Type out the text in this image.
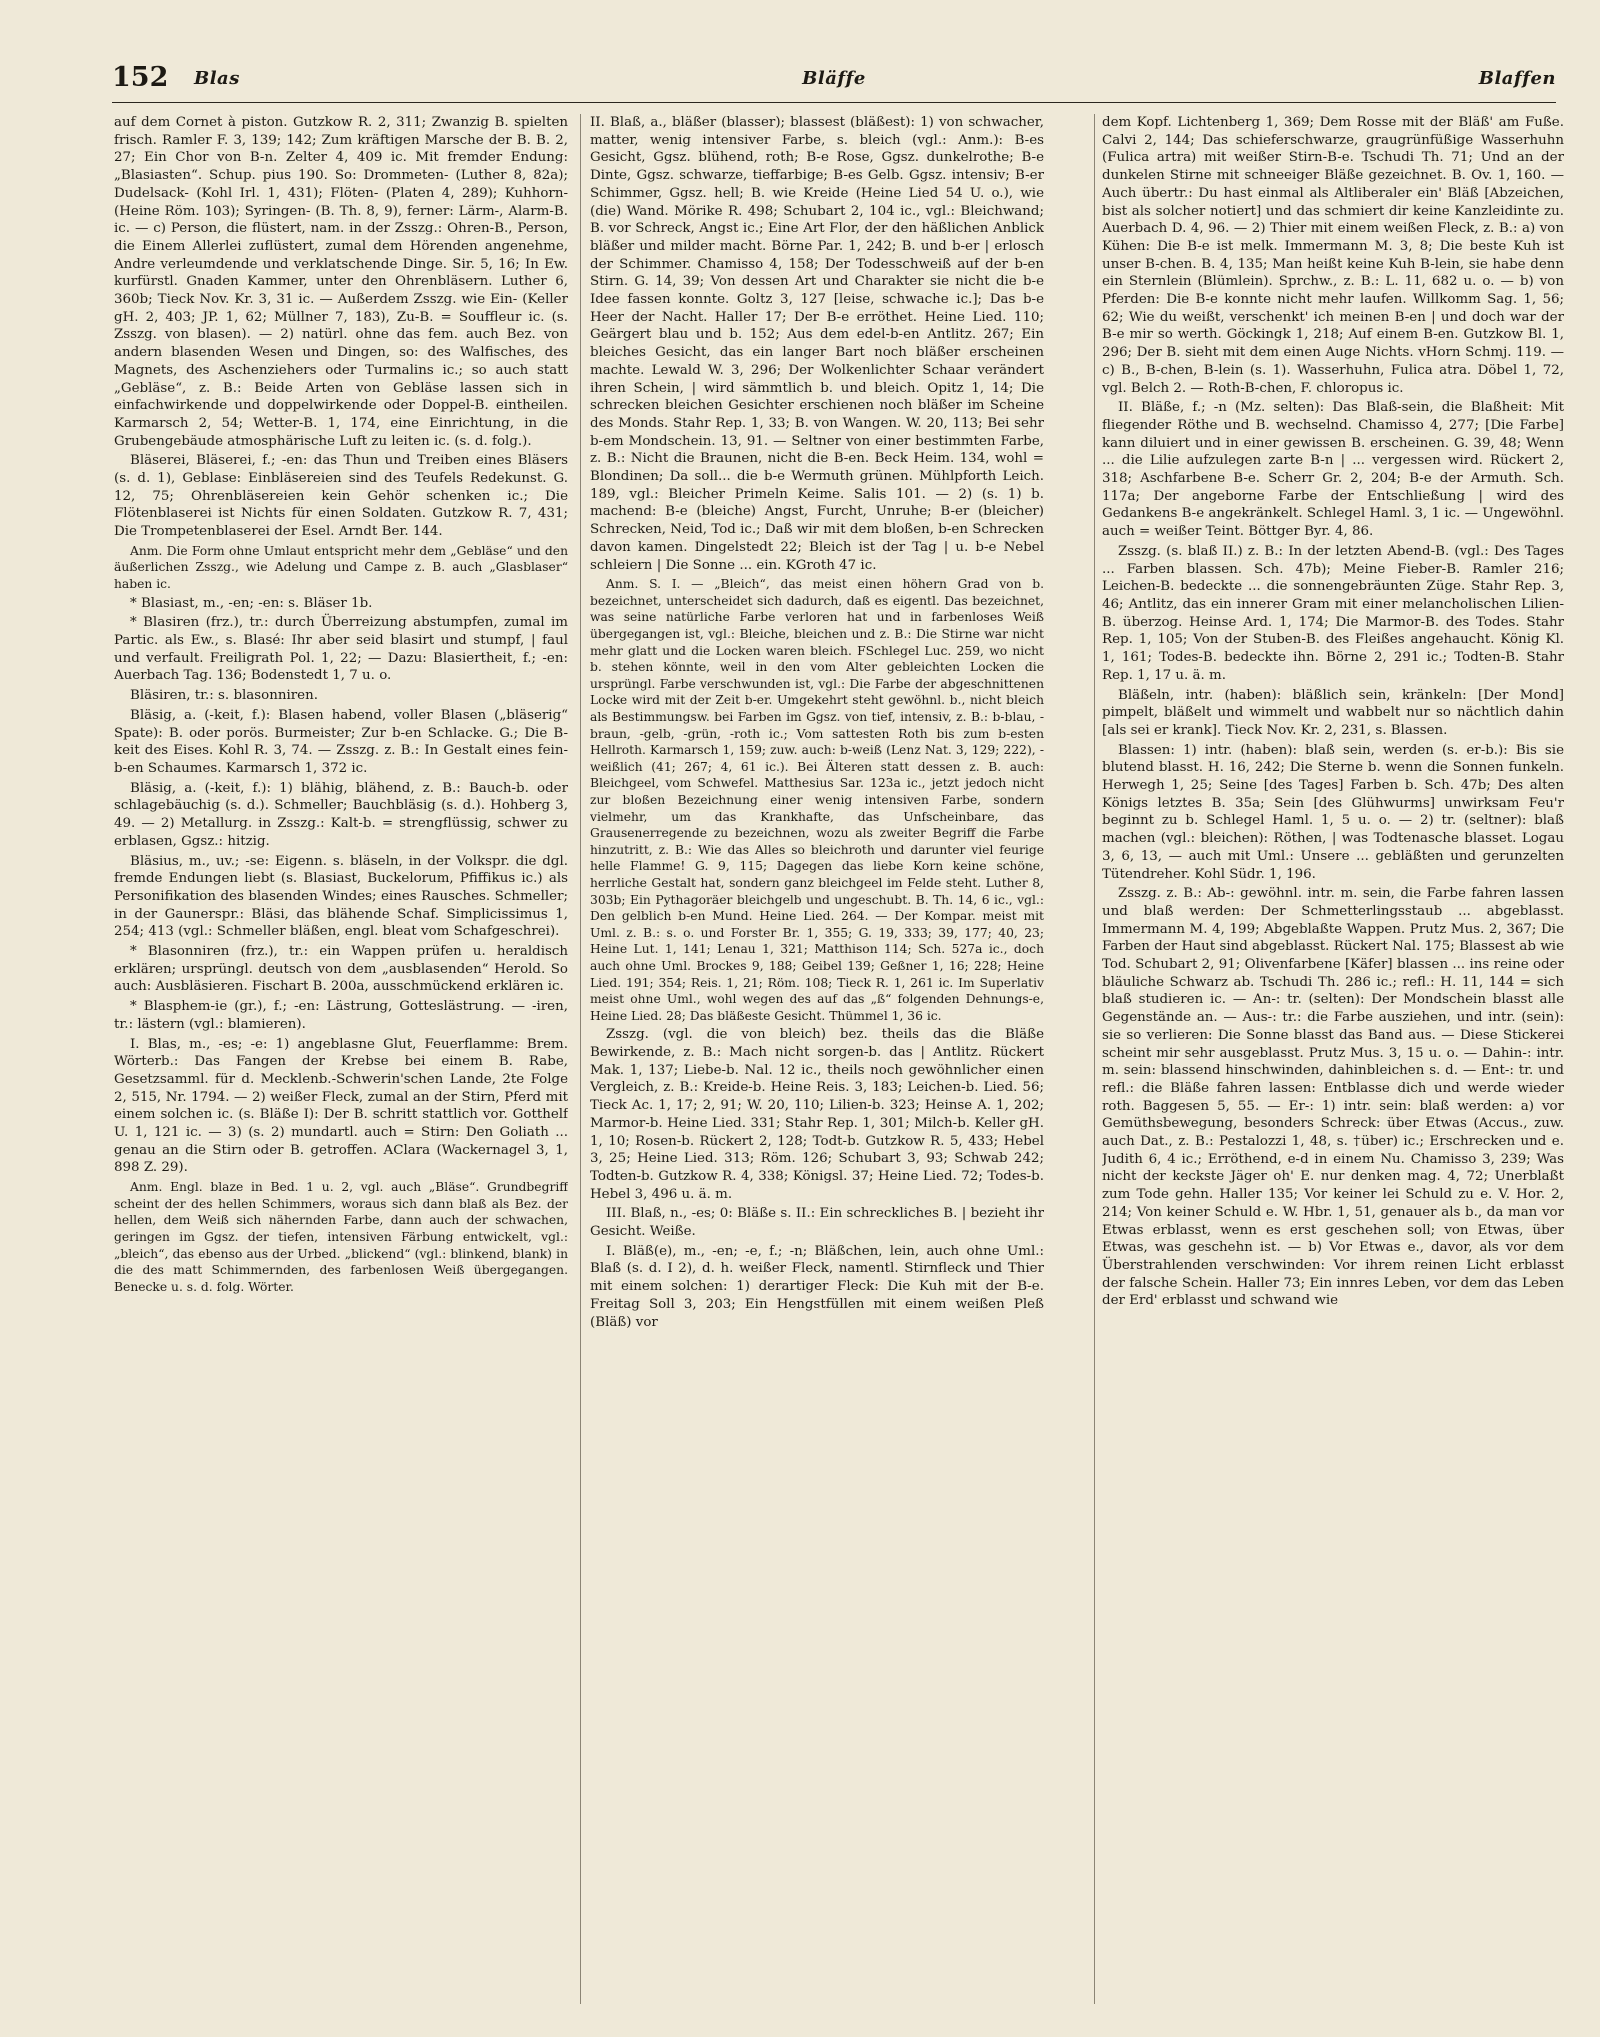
152 Blas	Bläffe	Blaffen

auf dem Cornet à piston. Gutzkow R. 2, 311; Zwanzig B. spielten frisch. Ramler F. 3, 139; 142; Zum kräftigen Marsche der B. B. 2, 27; Ein Chor von B-n. Zelter 4, 409 ic. Mit fremder Endung: „Blasiasten“. Schup. pius 190. So: Drommeten- (Luther 8, 82a); Dudelsack- (Kohl Irl. 1, 431); Flöten- (Platen 4, 289); Kuhhorn- (Heine Röm. 103); Syringen- (B. Th. 8, 9), ferner: Lärm-, Alarm-B. ic. — c) Person, die flüstert, nam. in der Zsszg.: Ohren-B., Person, die Einem Allerlei zuflüstert, zumal dem Hörenden angenehme, Andre verleumdende und verklatschende Dinge. Sir. 5, 16; In Ew. kurfürstl. Gnaden Kammer, unter den Ohrenbläsern. Luther 6, 360b; Tieck Nov. Kr. 3, 31 ic. — Außerdem Zsszg. wie Ein- (Keller gH. 2, 403; JP. 1, 62; Müllner 7, 183), Zu-B. = Souffleur ic. (s. Zsszg. von blasen). — 2) natürl. ohne das fem. auch Bez. von andern blasenden Wesen und Dingen, so: des Walfisches, des Magnets, des Aschenziehers oder Turmalins ic.; so auch statt „Gebläse“, z. B.: Beide Arten von Gebläse lassen sich in einfachwirkende und doppelwirkende oder Doppel-B. eintheilen. Karmarsch 2, 54; Wetter-B. 1, 174, eine Einrichtung, in die Grubengebäude atmosphärische Luft zu leiten ic. (s. d. folg.).

Bläserei, Bläserei, f.; -en: das Thun und Treiben eines Bläsers (s. d. 1), Geblase: Einbläsereien sind des Teufels Redekunst. G. 12, 75; Ohrenbläsereien kein Gehör schenken ic.; Die Flötenblaserei ist Nichts für einen Soldaten. Gutzkow R. 7, 431; Die Trompetenblaserei der Esel. Arndt Ber. 144.

Anm. Die Form ohne Umlaut entspricht mehr dem „Gebläse“ und den äußerlichen Zsszg., wie Adelung und Campe z. B. auch „Glasblaser“ haben ic.

* Blasiast, m., -en; -en: s. Bläser 1b.

* Blasiren (frz.), tr.: durch Überreizung abstumpfen, zumal im Partic. als Ew., s. Blasé: Ihr aber seid blasirt und stumpf, | faul und verfault. Freiligrath Pol. 1, 22; — Dazu: Blasiertheit, f.; -en: Auerbach Tag. 136; Bodenstedt 1, 7 u. o.

Bläsiren, tr.: s. blasonniren.

Bläsig, a. (-keit, f.): Blasen habend, voller Blasen („bläserig“ Spate): B. oder porös. Burmeister; Zur b-en Schlacke. G.; Die B-keit des Eises. Kohl R. 3, 74. — Zsszg. z. B.: In Gestalt eines fein-b-en Schaumes. Karmarsch 1, 372 ic.

Bläsig, a. (-keit, f.): 1) blähig, blähend, z. B.: Bauch-b. oder schlagebäuchig (s. d.). Schmeller; Bauchbläsig (s. d.). Hohberg 3, 49. — 2) Metallurg. in Zsszg.: Kalt-b. = strengflüssig, schwer zu erblasen, Ggsz.: hitzig.

Bläsius, m., uv.; -se: Eigenn. s. bläseln, in der Volkspr. die dgl. fremde Endungen liebt (s. Blasiast, Buckelorum, Pfiffikus ic.) als Personifikation des blasenden Windes; eines Rausches. Schmeller; in der Gaunerspr.: Bläsi, das blähende Schaf. Simplicissimus 1, 254; 413 (vgl.: Schmeller bläßen, engl. bleat vom Schafgeschrei).

* Blasonniren (frz.), tr.: ein Wappen prüfen u. heraldisch erklären; ursprüngl. deutsch von dem „ausblasenden“ Herold. So auch: Ausbläsieren. Fischart B. 200a, ausschmückend erklären ic.

* Blasphem-ie (gr.), f.; -en: Lästrung, Gotteslästrung. — -iren, tr.: lästern (vgl.: blamieren).

I. Blas, m., -es; -e: 1) angeblasne Glut, Feuerflamme: Brem. Wörterb.: Das Fangen der Krebse bei einem B. Rabe, Gesetzsamml. für d. Mecklenb.-Schwerin'schen Lande, 2te Folge 2, 515, Nr. 1794. — 2) weißer Fleck, zumal an der Stirn, Pferd mit einem solchen ic. (s. Bläße I): Der B. schritt stattlich vor. Gotthelf U. 1, 121 ic. — 3) (s. 2) mundartl. auch = Stirn: Den Goliath ... genau an die Stirn oder B. getroffen. AClara (Wackernagel 3, 1, 898 Z. 29).

Anm. Engl. blaze in Bed. 1 u. 2, vgl. auch „Bläse“. Grundbegriff scheint der des hellen Schimmers, woraus sich dann blaß als Bez. der hellen, dem Weiß sich nähernden Farbe, dann auch der schwachen, geringen im Ggsz. der tiefen, intensiven Färbung entwickelt, vgl.: „bleich“, das ebenso aus der Urbed. „blickend“ (vgl.: blinkend, blank) in die des matt Schimmernden, des farbenlosen Weiß übergegangen. Benecke u. s. d. folg. Wörter.

II. Blaß, a., bläßer (blasser); blassest (bläßest): 1) von schwacher, matter, wenig intensiver Farbe, s. bleich (vgl.: Anm.): B-es Gesicht, Ggsz. blühend, roth; B-e Rose, Ggsz. dunkelrothe; B-e Dinte, Ggsz. schwarze, tieffarbige; B-es Gelb. Ggsz. intensiv; B-er Schimmer, Ggsz. hell; B. wie Kreide (Heine Lied 54 U. o.), wie (die) Wand. Mörike R. 498; Schubart 2, 104 ic., vgl.: Bleichwand; B. vor Schreck, Angst ic.; Eine Art Flor, der den häßlichen Anblick bläßer und milder macht. Börne Par. 1, 242; B. und b-er | erlosch der Schimmer. Chamisso 4, 158; Der Todesschweiß auf der b-en Stirn. G. 14, 39; Von dessen Art und Charakter sie nicht die b-e Idee fassen konnte. Goltz 3, 127 [leise, schwache ic.]; Das b-e Heer der Nacht. Haller 17; Der B-e erröthet. Heine Lied. 110; Geärgert blau und b. 152; Aus dem edel-b-en Antlitz. 267; Ein bleiches Gesicht, das ein langer Bart noch bläßer erscheinen machte. Lewald W. 3, 296; Der Wolkenlichter Schaar verändert ihren Schein, | wird sämmtlich b. und bleich. Opitz 1, 14; Die schrecken bleichen Gesichter erschienen noch bläßer im Scheine des Monds. Stahr Rep. 1, 33; B. von Wangen. W. 20, 113; Bei sehr b-em Mondschein. 13, 91. — Seltner von einer bestimmten Farbe, z. B.: Nicht die Braunen, nicht die B-en. Beck Heim. 134, wohl = Blondinen; Da soll... die b-e Wermuth grünen. Mühlpforth Leich. 189, vgl.: Bleicher Primeln Keime. Salis 101. — 2) (s. 1) b. machend: B-e (bleiche) Angst, Furcht, Unruhe; B-er (bleicher) Schrecken, Neid, Tod ic.; Daß wir mit dem bloßen, b-en Schrecken davon kamen. Dingelstedt 22; Bleich ist der Tag | u. b-e Nebel schleiern | Die Sonne ... ein. KGroth 47 ic.

Anm. S. I. — „Bleich“, das meist einen höhern Grad von b. bezeichnet, unterscheidet sich dadurch, daß es eigentl. Das bezeichnet, was seine natürliche Farbe verloren hat und in farbenloses Weiß übergegangen ist, vgl.: Bleiche, bleichen und z. B.: Die Stirne war nicht mehr glatt und die Locken waren bleich. FSchlegel Luc. 259, wo nicht b. stehen könnte, weil in den vom Alter gebleichten Locken die ursprüngl. Farbe verschwunden ist, vgl.: Die Farbe der abgeschnittenen Locke wird mit der Zeit b-er. Umgekehrt steht gewöhnl. b., nicht bleich als Bestimmungsw. bei Farben im Ggsz. von tief, intensiv, z. B.: b-blau, -braun, -gelb, -grün, -roth ic.; Vom sattesten Roth bis zum b-esten Hellroth. Karmarsch 1, 159; zuw. auch: b-weiß (Lenz Nat. 3, 129; 222), -weißlich (41; 267; 4, 61 ic.). Bei Älteren statt dessen z. B. auch: Bleichgeel, vom Schwefel. Matthesius Sar. 123a ic., jetzt jedoch nicht zur bloßen Bezeichnung einer wenig intensiven Farbe, sondern vielmehr, um das Krankhafte, das Unfscheinbare, das Grausenerregende zu bezeichnen, wozu als zweiter Begriff die Farbe hinzutritt, z. B.: Wie das Alles so bleichroth und darunter viel feurige helle Flamme! G. 9, 115; Dagegen das liebe Korn keine schöne, herrliche Gestalt hat, sondern ganz bleichgeel im Felde steht. Luther 8, 303b; Ein Pythagoräer bleichgelb und ungeschubt. B. Th. 14, 6 ic., vgl.: Den gelblich b-en Mund. Heine Lied. 264. — Der Kompar. meist mit Uml. z. B.: s. o. und Forster Br. 1, 355; G. 19, 333; 39, 177; 40, 23; Heine Lut. 1, 141; Lenau 1, 321; Matthison 114; Sch. 527a ic., doch auch ohne Uml. Brockes 9, 188; Geibel 139; Geßner 1, 16; 228; Heine Lied. 191; 354; Reis. 1, 21; Röm. 108; Tieck R. 1, 261 ic. Im Superlativ meist ohne Uml., wohl wegen des auf das „ß“ folgenden Dehnungs-e, Heine Lied. 28; Das bläßeste Gesicht. Thümmel 1, 36 ic.

Zsszg. (vgl. die von bleich) bez. theils das die Bläße Bewirkende, z. B.: Mach nicht sorgen-b. das | Antlitz. Rückert Mak. 1, 137; Liebe-b. Nal. 12 ic., theils noch gewöhnlicher einen Vergleich, z. B.: Kreide-b. Heine Reis. 3, 183; Leichen-b. Lied. 56; Tieck Ac. 1, 17; 2, 91; W. 20, 110; Lilien-b. 323; Heinse A. 1, 202; Marmor-b. Heine Lied. 331; Stahr Rep. 1, 301; Milch-b. Keller gH. 1, 10; Rosen-b. Rückert 2, 128; Todt-b. Gutzkow R. 5, 433; Hebel 3, 25; Heine Lied. 313; Röm. 126; Schubart 3, 93; Schwab 242; Todten-b. Gutzkow R. 4, 338; Königsl. 37; Heine Lied. 72; Todes-b. Hebel 3, 496 u. ä. m.

III. Blaß, n., -es; 0: Bläße s. II.: Ein schreckliches B. | bezieht ihr Gesicht. Weiße.

I. Bläß(e), m., -en; -e, f.; -n; Bläßchen, lein, auch ohne Uml.: Blaß (s. d. I 2), d. h. weißer Fleck, namentl. Stirnfleck und Thier mit einem solchen: 1) derartiger Fleck: Die Kuh mit der B-e. Freitag Soll 3, 203; Ein Hengstfüllen mit einem weißen Pleß (Bläß) vor

dem Kopf. Lichtenberg 1, 369; Dem Rosse mit der Bläß' am Fuße. Calvi 2, 144; Das schieferschwarze, graugrünfüßige Wasserhuhn (Fulica artra) mit weißer Stirn-B-e. Tschudi Th. 71; Und an der dunkelen Stirne mit schneeiger Bläße gezeichnet. B. Ov. 1, 160. — Auch übertr.: Du hast einmal als Altliberaler ein' Bläß [Abzeichen, bist als solcher notiert] und das schmiert dir keine Kanzleidinte zu. Auerbach D. 4, 96. — 2) Thier mit einem weißen Fleck, z. B.: a) von Kühen: Die B-e ist melk. Immermann M. 3, 8; Die beste Kuh ist unser B-chen. B. 4, 135; Man heißt keine Kuh B-lein, sie habe denn ein Sternlein (Blümlein). Sprchw., z. B.: L. 11, 682 u. o. — b) von Pferden: Die B-e konnte nicht mehr laufen. Willkomm Sag. 1, 56; 62; Wie du weißt, verschenkt' ich meinen B-en | und doch war der B-e mir so werth. Göckingk 1, 218; Auf einem B-en. Gutzkow Bl. 1, 296; Der B. sieht mit dem einen Auge Nichts. vHorn Schmj. 119. — c) B., B-chen, B-lein (s. 1). Wasserhuhn, Fulica atra. Döbel 1, 72, vgl. Belch 2. — Roth-B-chen, F. chloropus ic.

II. Bläße, f.; -n (Mz. selten): Das Blaß-sein, die Blaßheit: Mit fliegender Röthe und B. wechselnd. Chamisso 4, 277; [Die Farbe] kann diluiert und in einer gewissen B. erscheinen. G. 39, 48; Wenn ... die Lilie aufzulegen zarte B-n | ... vergessen wird. Rückert 2, 318; Aschfarbene B-e. Scherr Gr. 2, 204; B-e der Armuth. Sch. 117a; Der angeborne Farbe der Entschließung | wird des Gedankens B-e angekränkelt. Schlegel Haml. 3, 1 ic. — Ungewöhnl. auch = weißer Teint. Böttger Byr. 4, 86.

Zsszg. (s. blaß II.) z. B.: In der letzten Abend-B. (vgl.: Des Tages ... Farben blassen. Sch. 47b); Meine Fieber-B. Ramler 216; Leichen-B. bedeckte ... die sonnengebräunten Züge. Stahr Rep. 3, 46; Antlitz, das ein innerer Gram mit einer melancholischen Lilien-B. überzog. Heinse Ard. 1, 174; Die Marmor-B. des Todes. Stahr Rep. 1, 105; Von der Stuben-B. des Fleißes angehaucht. König Kl. 1, 161; Todes-B. bedeckte ihn. Börne 2, 291 ic.; Todten-B. Stahr Rep. 1, 17 u. ä. m.

Bläßeln, intr. (haben): bläßlich sein, kränkeln: [Der Mond] pimpelt, bläßelt und wimmelt und wabbelt nur so nächtlich dahin [als sei er krank]. Tieck Nov. Kr. 2, 231, s. Blassen.

Blassen: 1) intr. (haben): blaß sein, werden (s. er-b.): Bis sie blutend blasst. H. 16, 242; Die Sterne b. wenn die Sonnen funkeln. Herwegh 1, 25; Seine [des Tages] Farben b. Sch. 47b; Des alten Königs letztes B. 35a; Sein [des Glühwurms] unwirksam Feu'r beginnt zu b. Schlegel Haml. 1, 5 u. o. — 2) tr. (seltner): blaß machen (vgl.: bleichen): Röthen, | was Todtenasche blasset. Logau 3, 6, 13, — auch mit Uml.: Unsere ... gebläßten und gerunzelten Tütendreher. Kohl Südr. 1, 196.

Zsszg. z. B.: Ab-: gewöhnl. intr. m. sein, die Farbe fahren lassen und blaß werden: Der Schmetterlingsstaub ... abgeblasst. Immermann M. 4, 199; Abgeblaßte Wappen. Prutz Mus. 2, 367; Die Farben der Haut sind abgeblasst. Rückert Nal. 175; Blassest ab wie Tod. Schubart 2, 91; Olivenfarbene [Käfer] blassen ... ins reine oder bläuliche Schwarz ab. Tschudi Th. 286 ic.; refl.: H. 11, 144 = sich blaß studieren ic. — An-: tr. (selten): Der Mondschein blasst alle Gegenstände an. — Aus-: tr.: die Farbe ausziehen, und intr. (sein): sie so verlieren: Die Sonne blasst das Band aus. — Diese Stickerei scheint mir sehr ausgeblasst. Prutz Mus. 3, 15 u. o. — Dahin-: intr. m. sein: blassend hinschwinden, dahinbleichen s. d. — Ent-: tr. und refl.: die Bläße fahren lassen: Entblasse dich und werde wieder roth. Baggesen 5, 55. — Er-: 1) intr. sein: blaß werden: a) vor Gemüthsbewegung, besonders Schreck: über Etwas (Accus., zuw. auch Dat., z. B.: Pestalozzi 1, 48, s. †über) ic.; Erschrecken und e. Judith 6, 4 ic.; Erröthend, e-d in einem Nu. Chamisso 3, 239; Was nicht der keckste Jäger oh' E. nur denken mag. 4, 72; Unerblaßt zum Tode gehn. Haller 135; Vor keiner lei Schuld zu e. V. Hor. 2, 214; Von keiner Schuld e. W. Hbr. 1, 51, genauer als b., da man vor Etwas erblasst, wenn es erst geschehen soll; von Etwas, über Etwas, was geschehn ist. — b) Vor Etwas e., davor, als vor dem Überstrahlenden verschwinden: Vor ihrem reinen Licht erblasst der falsche Schein. Haller 73; Ein innres Leben, vor dem das Leben der Erd' erblasst und schwand wie
